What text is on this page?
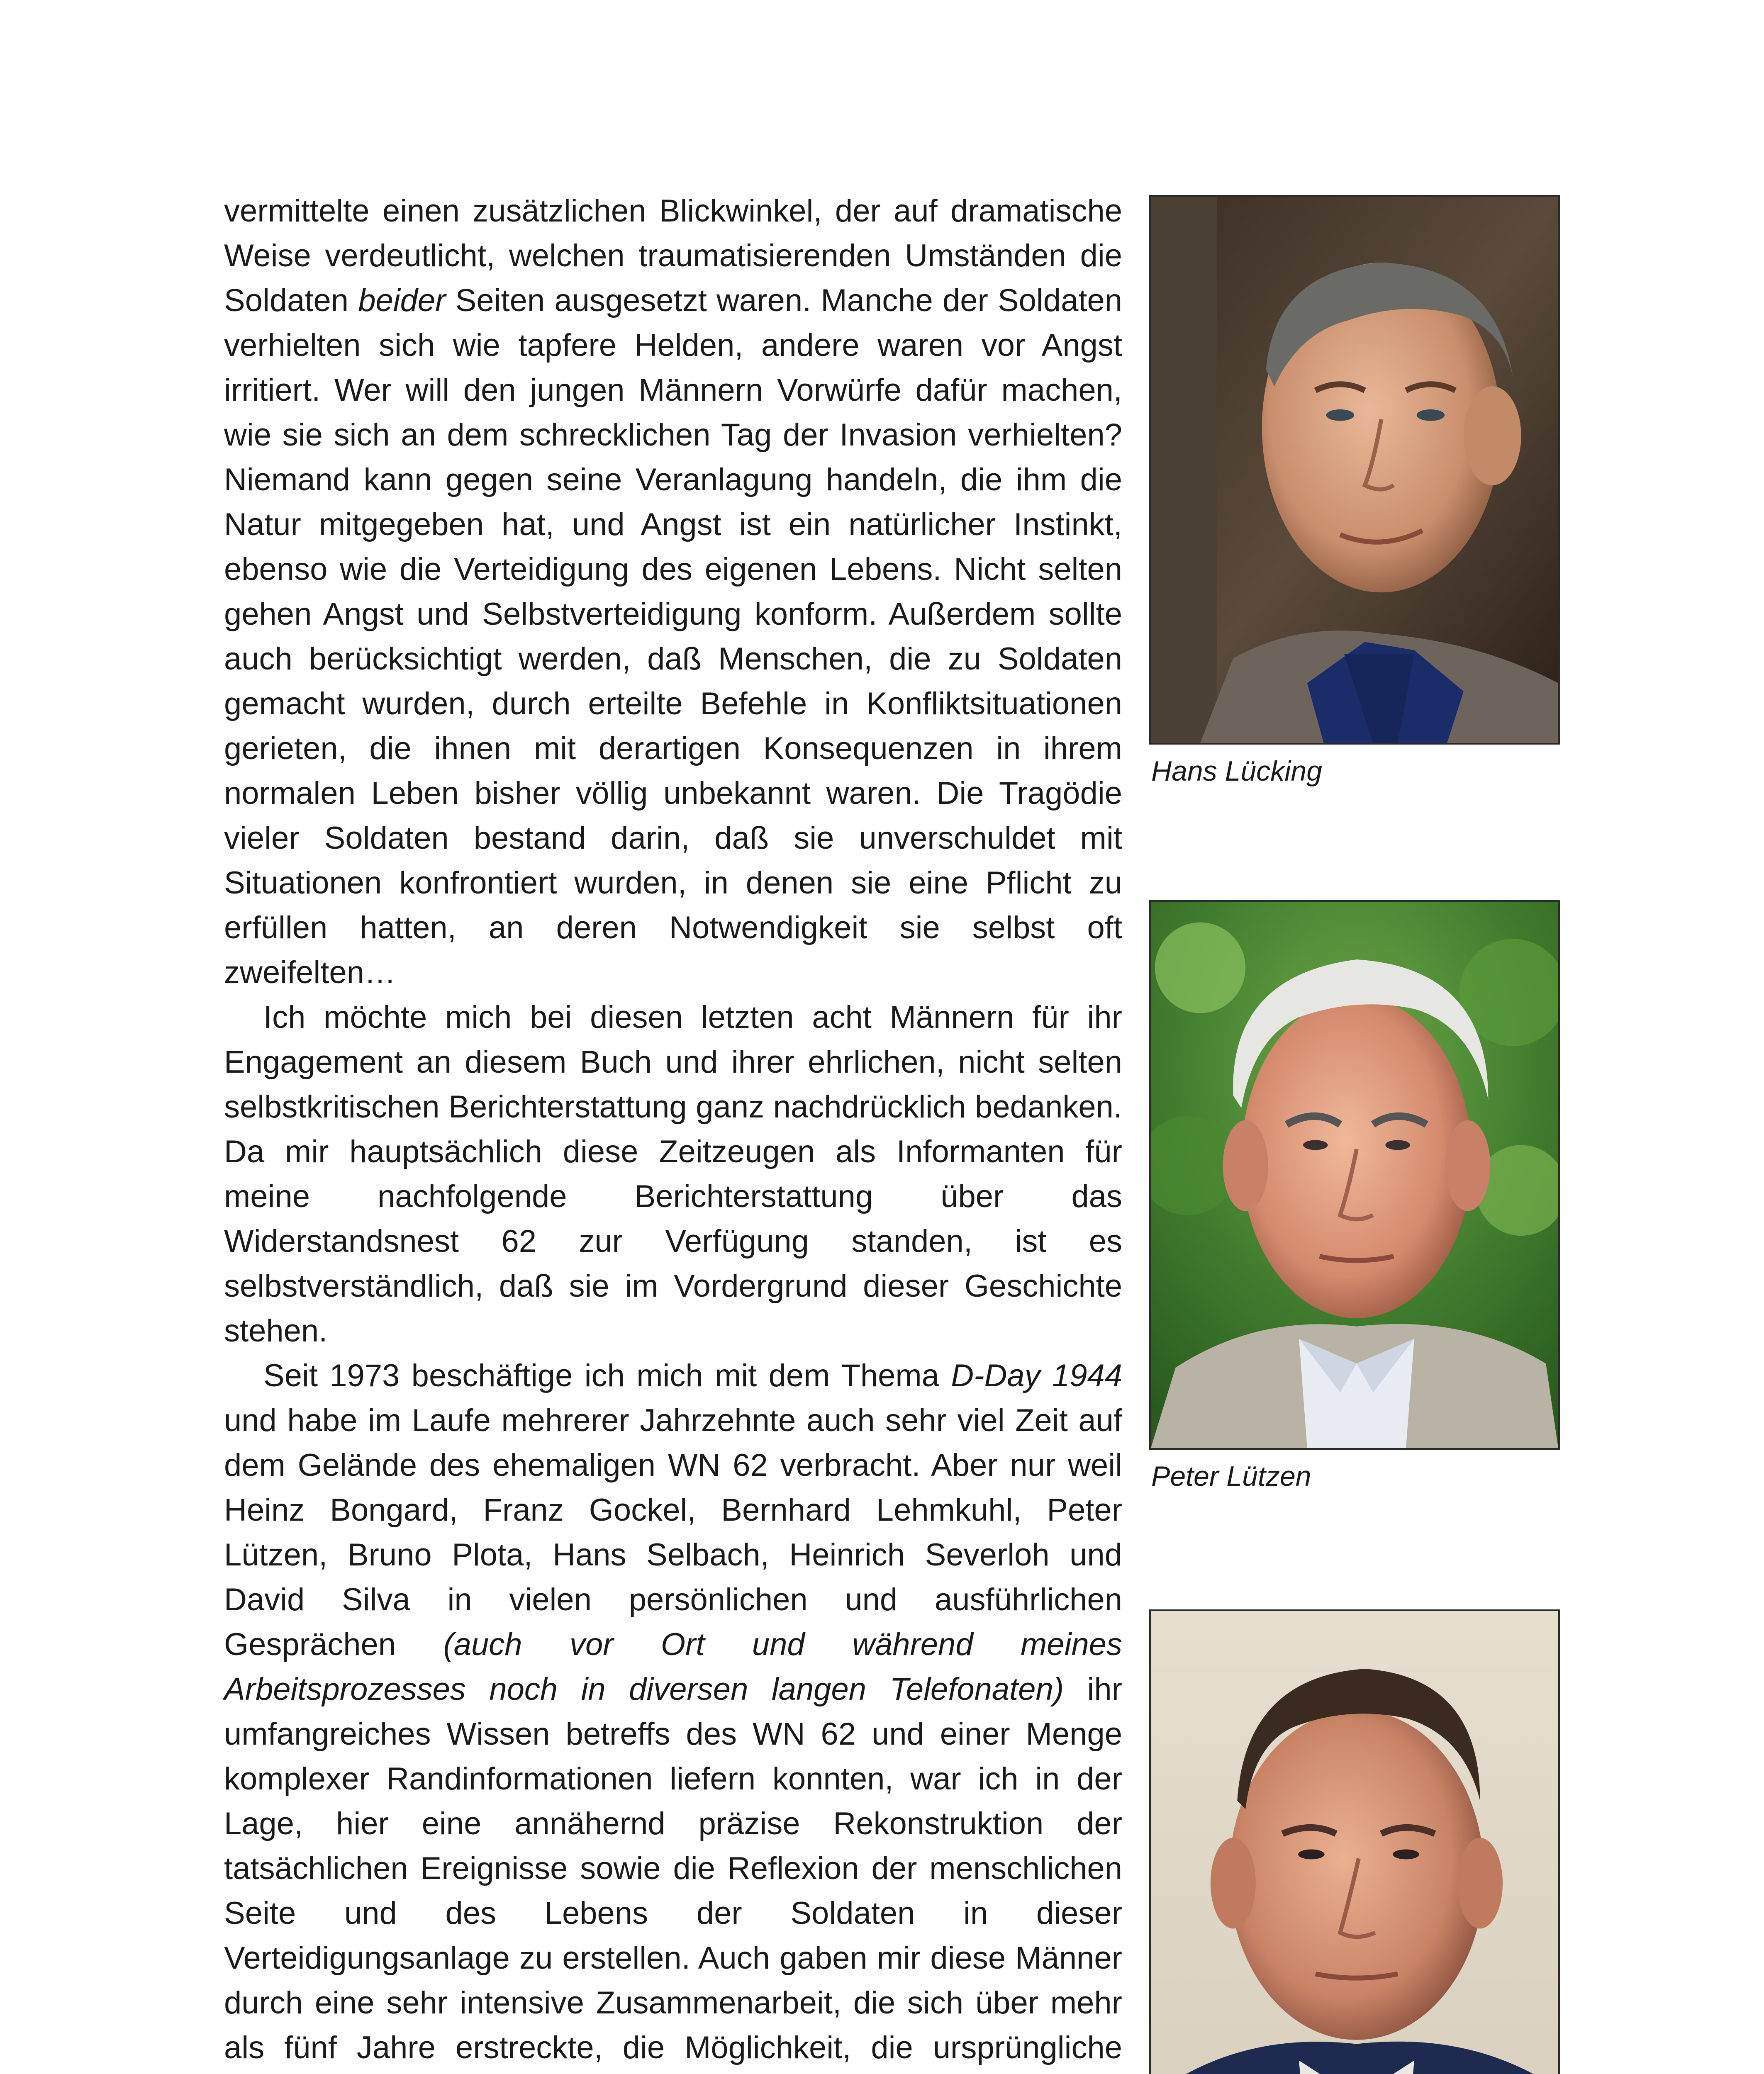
vermittelte einen zusätzlichen Blickwinkel, der auf dramatische Weise verdeutlicht, welchen traumatisierenden Umständen die Soldaten beider Seiten ausgesetzt waren. Manche der Soldaten verhielten sich wie tapfere Helden, andere waren vor Angst irritiert. Wer will den jungen Männern Vorwürfe dafür machen, wie sie sich an dem schrecklichen Tag der Invasion verhielten? Niemand kann gegen seine Veranlagung handeln, die ihm die Natur mitgegeben hat, und Angst ist ein natürlicher Instinkt, ebenso wie die Verteidigung des eigenen Lebens. Nicht selten gehen Angst und Selbstverteidigung konform. Außerdem sollte auch berücksichtigt werden, daß Menschen, die zu Soldaten gemacht wurden, durch erteilte Befehle in Konfliktsituationen gerieten, die ihnen mit derartigen Konsequenzen in ihrem normalen Leben bisher völlig unbekannt waren. Die Tragödie vieler Soldaten bestand darin, daß sie unverschuldet mit Situationen konfrontiert wurden, in denen sie eine Pflicht zu erfüllen hatten, an deren Notwendigkeit sie selbst oft zweifelten…

Ich möchte mich bei diesen letzten acht Männern für ihr Engagement an diesem Buch und ihrer ehrlichen, nicht selten selbstkritischen Berichterstattung ganz nachdrücklich bedanken. Da mir hauptsächlich diese Zeitzeugen als Informanten für meine nachfolgende Berichterstattung über das Widerstandsnest 62 zur Verfügung standen, ist es selbstverständlich, daß sie im Vordergrund dieser Geschichte stehen.

Seit 1973 beschäftige ich mich mit dem Thema D-Day 1944 und habe im Laufe mehrerer Jahrzehnte auch sehr viel Zeit auf dem Gelände des ehemaligen WN 62 verbracht. Aber nur weil Heinz Bongard, Franz Gockel, Bernhard Lehmkuhl, Peter Lützen, Bruno Plota, Hans Selbach, Heinrich Severloh und David Silva in vielen persönlichen und ausführlichen Gesprächen (auch vor Ort und während meines Arbeitsprozesses noch in diversen langen Telefonaten) ihr umfangreiches Wissen betreffs des WN 62 und einer Menge komplexer Randinformationen liefern konnten, war ich in der Lage, hier eine annähernd präzise Rekonstruktion der tatsächlichen Ereignisse sowie die Reflexion der menschlichen Seite und des Lebens der Soldaten in dieser Verteidigungsanlage zu erstellen. Auch gaben mir diese Männer durch eine sehr intensive Zusammenarbeit, die sich über mehr als fünf Jahre erstreckte, die Möglichkeit, die ursprüngliche

Hans Lücking
Peter Lützen
